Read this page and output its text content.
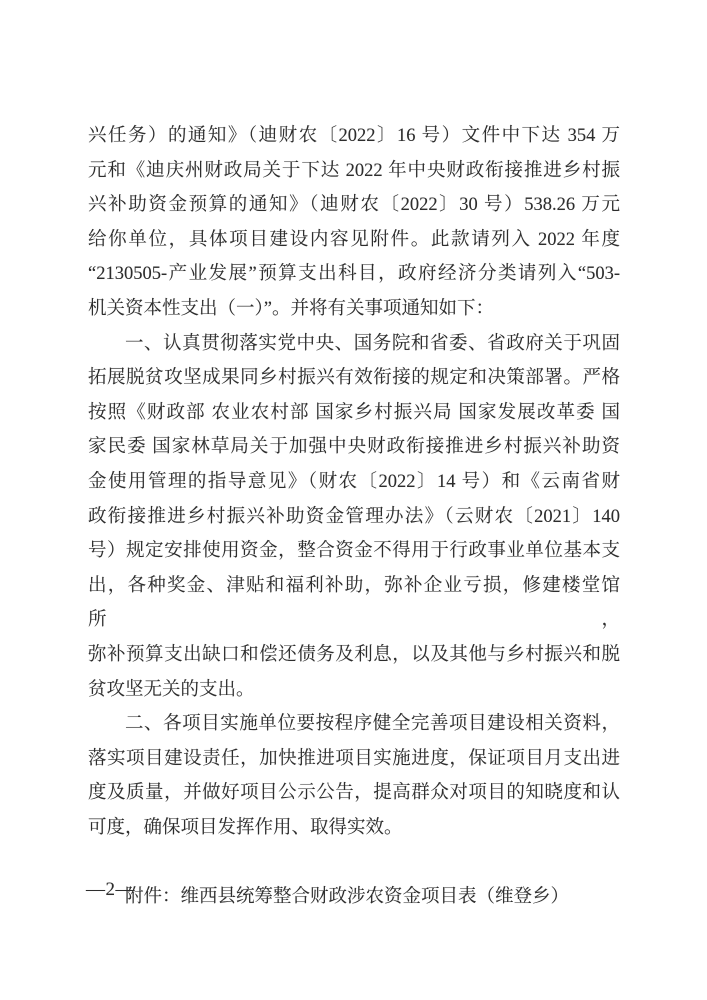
兴任务）的通知》（迪财农〔2022〕16 号）文件中下达 354 万
元和《迪庆州财政局关于下达 2022 年中央财政衔接推进乡村振
兴补助资金预算的通知》（迪财农〔2022〕30 号）538.26 万元
给你单位，具体项目建设内容见附件。此款请列入 2022 年度
“2130505-产业发展”预算支出科目，政府经济分类请列入“503-
机关资本性支出（一）”。并将有关事项通知如下：
一、认真贯彻落实党中央、国务院和省委、省政府关于巩固
拓展脱贫攻坚成果同乡村振兴有效衔接的规定和决策部署。严格
按照《财政部 农业农村部 国家乡村振兴局 国家发展改革委 国
家民委 国家林草局关于加强中央财政衔接推进乡村振兴补助资
金使用管理的指导意见》（财农〔2022〕14 号）和《云南省财
政衔接推进乡村振兴补助资金管理办法》（云财农〔2021〕140
号）规定安排使用资金，整合资金不得用于行政事业单位基本支
出，各种奖金、津贴和福利补助，弥补企业亏损，修建楼堂馆所，
弥补预算支出缺口和偿还债务及利息，以及其他与乡村振兴和脱
贫攻坚无关的支出。
二、各项目实施单位要按程序健全完善项目建设相关资料，
落实项目建设责任，加快推进项目实施进度，保证项目月支出进
度及质量，并做好项目公示公告，提高群众对项目的知晓度和认
可度，确保项目发挥作用、取得实效。
附件：维西县统筹整合财政涉农资金项目表（维登乡）
—2—
